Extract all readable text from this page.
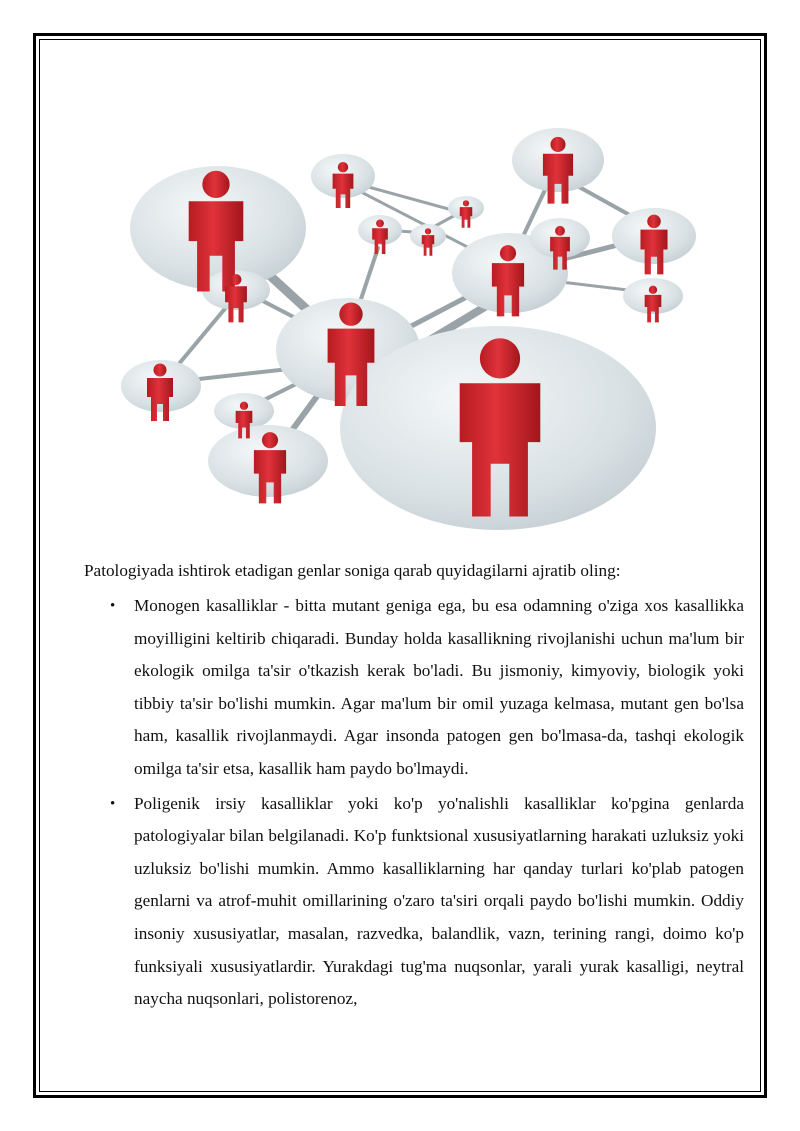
Patologiyada ishtirok etadigan genlar soniga qarab quyidagilarni ajratib oling:

• Monogen kasalliklar - bitta mutant geniga ega, bu esa odamning o'ziga xos kasallikka moyilligini keltirib chiqaradi. Bunday holda kasallikning rivojlanishi uchun ma'lum bir ekologik omilga ta'sir o'tkazish kerak bo'ladi. Bu jismoniy, kimyoviy, biologik yoki tibbiy ta'sir bo'lishi mumkin. Agar ma'lum bir omil yuzaga kelmasa, mutant gen bo'lsa ham, kasallik rivojlanmaydi. Agar insonda patogen gen bo'lmasa-da, tashqi ekologik omilga ta'sir etsa, kasallik ham paydo bo'lmaydi.
• Poligenik irsiy kasalliklar yoki ko'p yo'nalishli kasalliklar ko'pgina genlarda patologiyalar bilan belgilanadi. Ko'p funktsional xususiyatlarning harakati uzluksiz yoki uzluksiz bo'lishi mumkin. Ammo kasalliklarning har qanday turlari ko'plab patogen genlarni va atrof-muhit omillarining o'zaro ta'siri orqali paydo bo'lishi mumkin. Oddiy insoniy xususiyatlar, masalan, razvedka, balandlik, vazn, terining rangi, doimo ko'p funksiyali xususiyatlardir. Yurakdagi tug'ma nuqsonlar, yarali yurak kasalligi, neytral naycha nuqsonlari, polistorenoz,
